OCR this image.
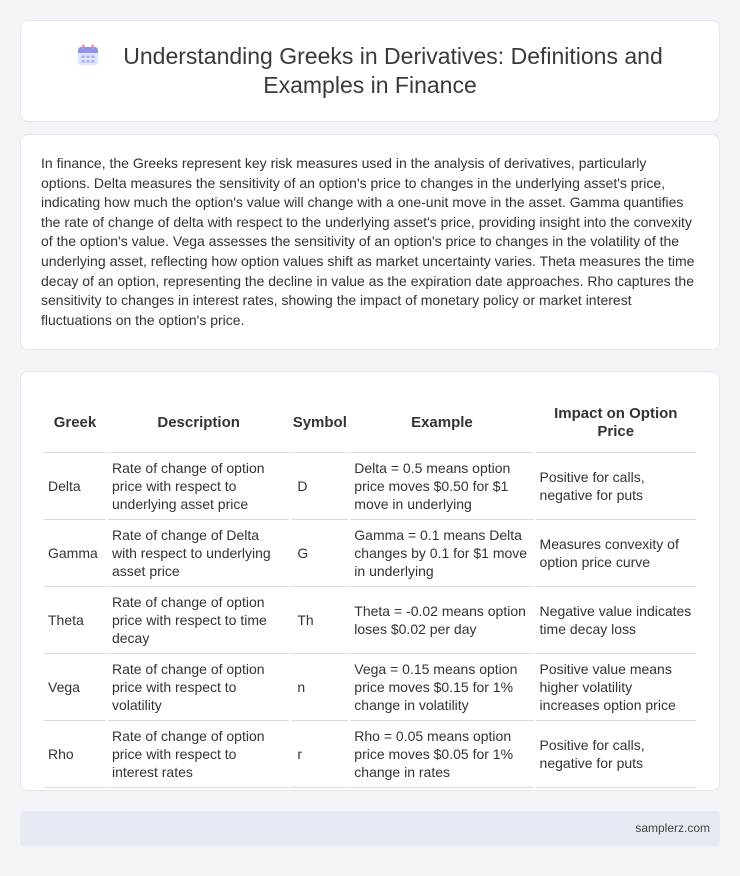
Understanding Greeks in Derivatives: Definitions and Examples in Finance

In finance, the Greeks represent key risk measures used in the analysis of derivatives, particularly options. Delta measures the sensitivity of an option's price to changes in the underlying asset's price, indicating how much the option's value will change with a one-unit move in the asset. Gamma quantifies the rate of change of delta with respect to the underlying asset's price, providing insight into the convexity of the option's value. Vega assesses the sensitivity of an option's price to changes in the volatility of the underlying asset, reflecting how option values shift as market uncertainty varies. Theta measures the time decay of an option, representing the decline in value as the expiration date approaches. Rho captures the sensitivity to changes in interest rates, showing the impact of monetary policy or market interest fluctuations on the option's price.

Greek	Description	Symbol	Example	Impact on Option Price
Delta	Rate of change of option price with respect to underlying asset price	D	Delta = 0.5 means option price moves $0.50 for $1 move in underlying	Positive for calls, negative for puts
Gamma	Rate of change of Delta with respect to underlying asset price	G	Gamma = 0.1 means Delta changes by 0.1 for $1 move in underlying	Measures convexity of option price curve
Theta	Rate of change of option price with respect to time decay	Th	Theta = -0.02 means option loses $0.02 per day	Negative value indicates time decay loss
Vega	Rate of change of option price with respect to volatility	n	Vega = 0.15 means option price moves $0.15 for 1% change in volatility	Positive value means higher volatility increases option price
Rho	Rate of change of option price with respect to interest rates	r	Rho = 0.05 means option price moves $0.05 for 1% change in rates	Positive for calls, negative for puts
samplerz.com
